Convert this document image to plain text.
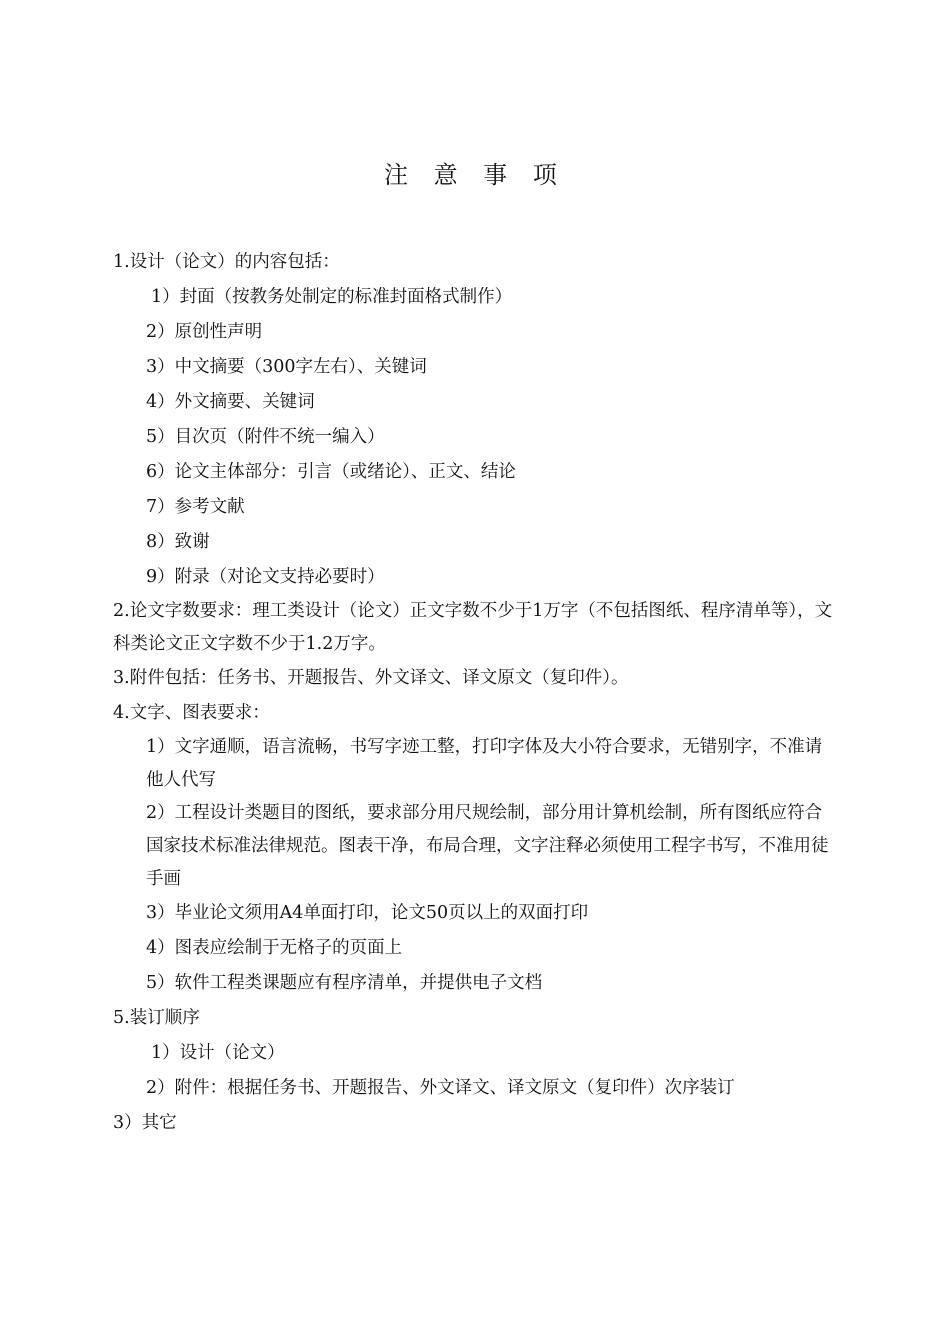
注 意 事 项
1.设计（论文）的内容包括：
1）封面（按教务处制定的标准封面格式制作）
2）原创性声明
3）中文摘要（300字左右）、关键词
4）外文摘要、关键词
5）目次页（附件不统一编入）
6）论文主体部分：引言（或绪论）、正文、结论
7）参考文献
8）致谢
9）附录（对论文支持必要时）
2.论文字数要求：理工类设计（论文）正文字数不少于1万字（不包括图纸、程序清单等），文科类论文正文字数不少于1.2万字。
3.附件包括：任务书、开题报告、外文译文、译文原文（复印件）。
4.文字、图表要求：
1）文字通顺，语言流畅，书写字迹工整，打印字体及大小符合要求，无错别字，不准请他人代写
2）工程设计类题目的图纸，要求部分用尺规绘制，部分用计算机绘制，所有图纸应符合国家技术标准法律规范。图表干净，布局合理，文字注释必须使用工程字书写，不准用徒手画
3）毕业论文须用A4单面打印，论文50页以上的双面打印
4）图表应绘制于无格子的页面上
5）软件工程类课题应有程序清单，并提供电子文档
5.装订顺序
1）设计（论文）
2）附件：根据任务书、开题报告、外文译文、译文原文（复印件）次序装订
3）其它
